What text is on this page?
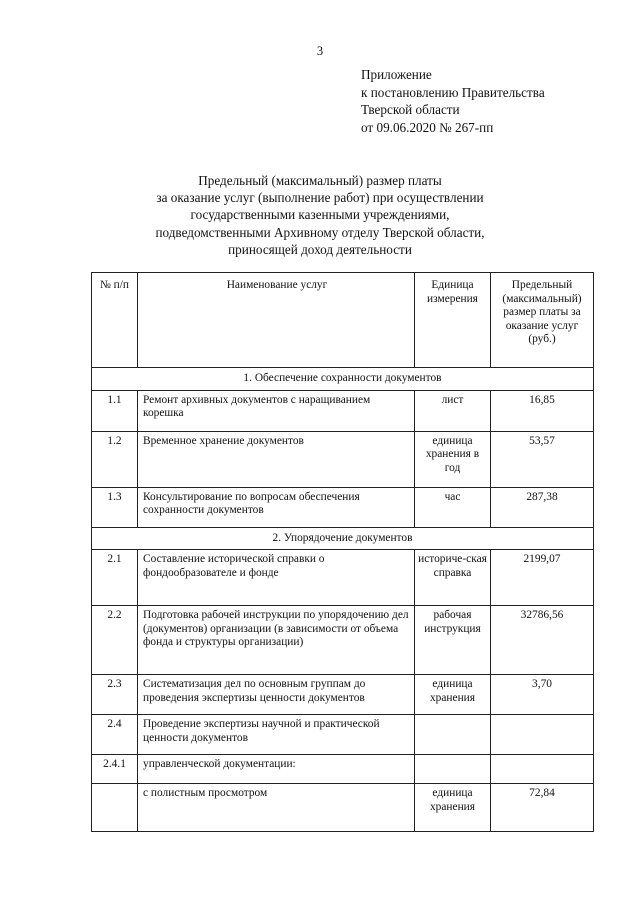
3
Приложение
к постановлению Правительства
Тверской области
от 09.06.2020 № 267-пп
Предельный (максимальный) размер платы
за оказание услуг (выполнение работ) при осуществлении
государственными казенными учреждениями,
подведомственными Архивному отделу Тверской области,
приносящей доход деятельности
№ п/п	Наименование услуг	Единица измерения	Предельный (максимальный) размер платы за оказание услуг (руб.)
1. Обеспечение сохранности документов			
1.1	Ремонт архивных документов с наращиванием корешка	лист	16,85
1.2	Временное хранение документов	единица хранения в год	53,57
1.3	Консультирование по вопросам обеспечения сохранности документов	час	287,38
2. Упорядочение документов			
2.1	Составление исторической справки о фондообразователе и фонде	историче-ская справка	2199,07
2.2	Подготовка рабочей инструкции по упорядочению дел (документов) организации (в зависимости от объема фонда и структуры организации)	рабочая инструкция	32786,56
2.3	Систематизация дел по основным группам до проведения экспертизы ценности документов	единица хранения	3,70
2.4	Проведение экспертизы научной и практической ценности документов		
2.4.1	управленческой документации:		
	с полистным просмотром	единица хранения	72,84
